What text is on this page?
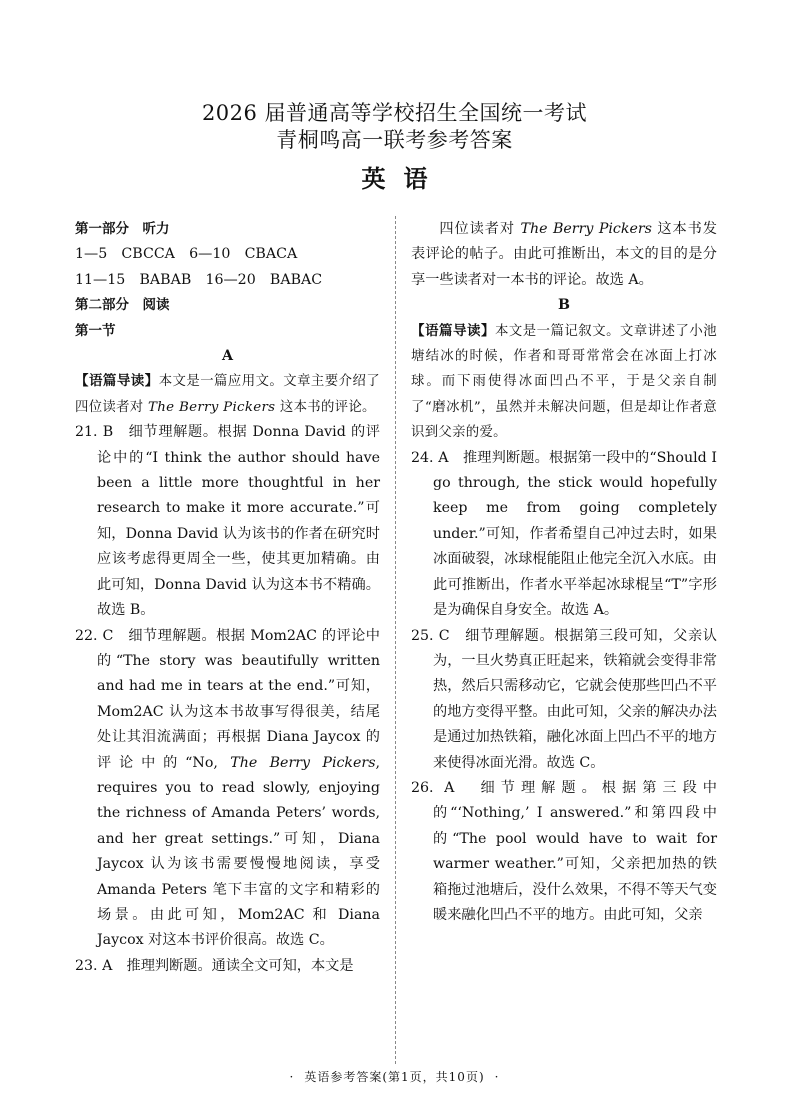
2026 届普通高等学校招生全国统一考试
青桐鸣高一联考参考答案
英语

第一部分　听力

1—5　CBCCA　6—10　CBACA

11—15　BABAB　16—20　BABAC

第二部分　阅读

第一节

A

【语篇导读】本文是一篇应用文。文章主要介绍了四位读者对 The Berry Pickers 这本书的评论。

21. B　细节理解题。根据 Donna David 的评论中的“I think the author should have been a little more thoughtful in her research to make it more accurate.”可知，Donna David 认为该书的作者在研究时应该考虑得更周全一些，使其更加精确。由此可知，Donna David 认为这本书不精确。故选 B。

22. C　细节理解题。根据 Mom2AC 的评论中的“The story was beautifully written and had me in tears at the end.”可知，Mom2AC 认为这本书故事写得很美，结尾处让其泪流满面；再根据 Diana Jaycox 的评论中的“No, The Berry Pickers, requires you to read slowly, enjoying the richness of Amanda Peters’ words, and her great settings.”可知，Diana Jaycox 认为该书需要慢慢地阅读，享受 Amanda Peters 笔下丰富的文字和精彩的场景。由此可知，Mom2AC 和 Diana Jaycox 对这本书评价很高。故选 C。

23. A　推理判断题。通读全文可知，本文是

四位读者对 The Berry Pickers 这本书发表评论的帖子。由此可推断出，本文的目的是分享一些读者对一本书的评论。故选 A。

B

【语篇导读】本文是一篇记叙文。文章讲述了小池塘结冰的时候，作者和哥哥常常会在冰面上打冰球。而下雨使得冰面凹凸不平，于是父亲自制了“磨冰机”，虽然并未解决问题，但是却让作者意识到父亲的爱。

24. A　推理判断题。根据第一段中的“Should I go through, the stick would hopefully keep me from going completely under.”可知，作者希望自己冲过去时，如果冰面破裂，冰球棍能阻止他完全沉入水底。由此可推断出，作者水平举起冰球棍呈“T”字形是为确保自身安全。故选 A。

25. C　细节理解题。根据第三段可知，父亲认为，一旦火势真正旺起来，铁箱就会变得非常热，然后只需移动它，它就会使那些凹凸不平的地方变得平整。由此可知，父亲的解决办法是通过加热铁箱，融化冰面上凹凸不平的地方来使得冰面光滑。故选 C。

26. A　细节理解题。根据第三段中的“‘Nothing,’ I answered.”和第四段中的“The pool would have to wait for warmer weather.”可知，父亲把加热的铁箱拖过池塘后，没什么效果，不得不等天气变暖来融化凹凸不平的地方。由此可知，父亲

· 英语参考答案(第1页，共10页) ·
